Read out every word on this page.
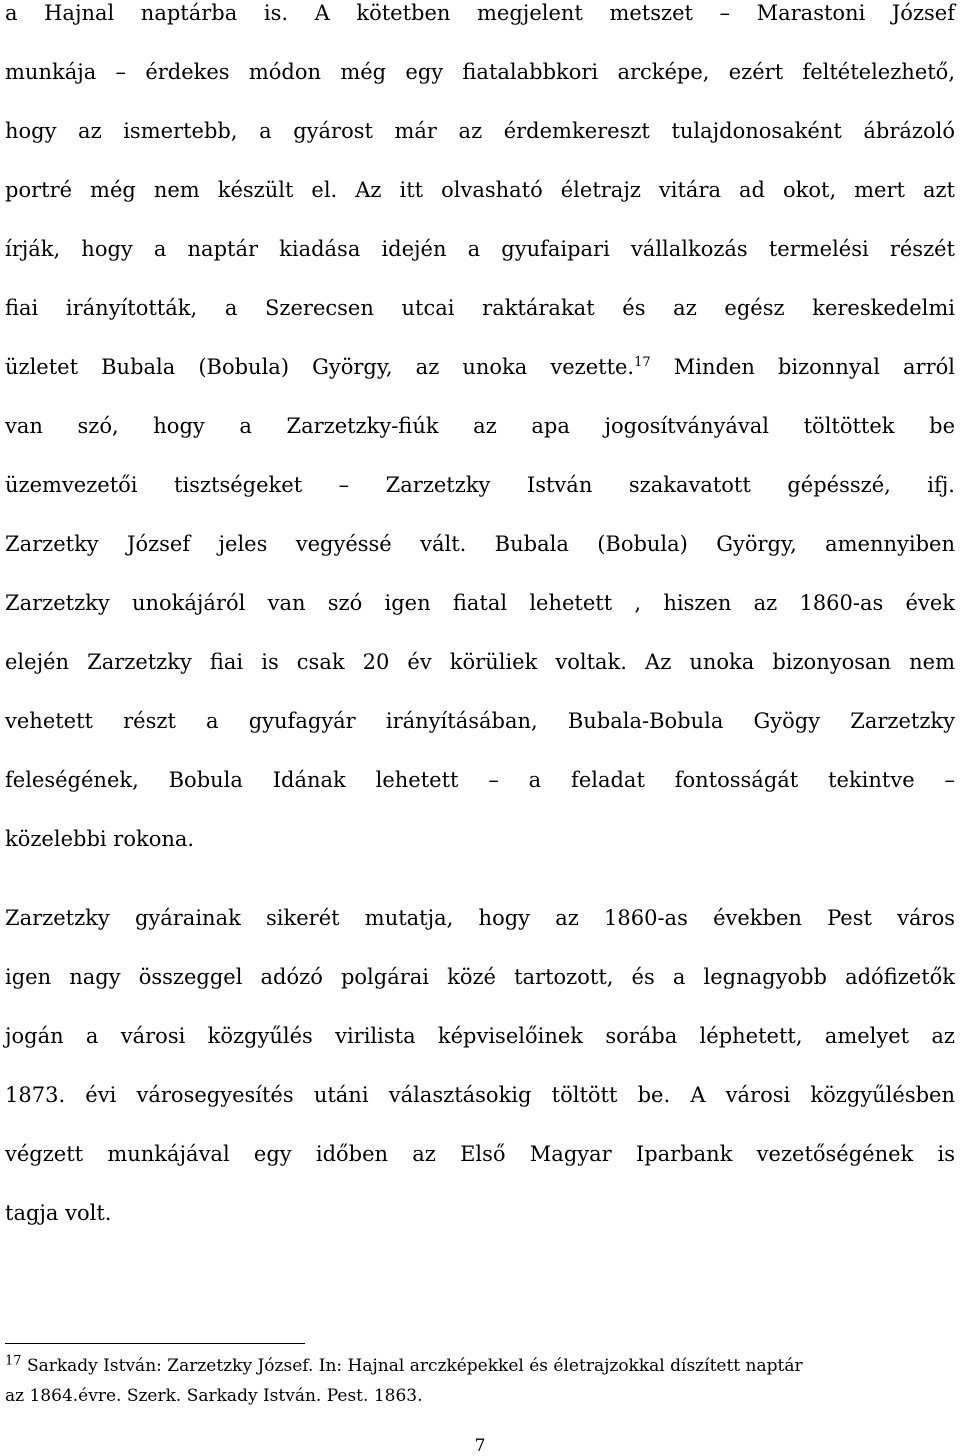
a Hajnal naptárba is. A kötetben megjelent metszet – Marastoni József
munkája – érdekes módon még egy fiatalabbkori arcképe, ezért feltételezhető,
hogy az ismertebb, a gyárost már az érdemkereszt tulajdonosaként ábrázoló
portré még nem készült el. Az itt olvasható életrajz vitára ad okot, mert azt
írják, hogy a naptár kiadása idején a gyufaipari vállalkozás termelési részét
fiai irányították, a Szerecsen utcai raktárakat és az egész kereskedelmi
üzletet Bubala (Bobula) György, az unoka vezette.$^{17}$ Minden bizonnyal arról
van szó, hogy a Zarzetzky-fiúk az apa jogosítványával töltöttek be
üzemvezetői tisztségeket – Zarzetzky István szakavatott gépésszé, ifj.
Zarzetky József jeles vegyéssé vált. Bubala (Bobula) György, amennyiben
Zarzetzky unokájáról van szó igen fiatal lehetett , hiszen az 1860-as évek
elején Zarzetzky fiai is csak 20 év körüliek voltak. Az unoka bizonyosan nem
vehetett részt a gyufagyár irányításában, Bubala-Bobula Gyögy Zarzetzky
feleségének, Bobula Idának lehetett – a feladat fontosságát tekintve –
közelebbi rokona.
Zarzetzky gyárainak sikerét mutatja, hogy az 1860-as években Pest város
igen nagy összeggel adózó polgárai közé tartozott, és a legnagyobb adófizetők
jogán a városi közgyűlés virilista képviselőinek sorába léphetett, amelyet az
1873. évi városegyesítés utáni választásokig töltött be. A városi közgyűlésben
végzett munkájával egy időben az Első Magyar Iparbank vezetőségének is
tagja volt.
$^{17}$ Sarkady István: Zarzetzky József. In: Hajnal arczképekkel és életrajzokkal díszített naptár
az 1864.évre. Szerk. Sarkady István. Pest. 1863.
7
